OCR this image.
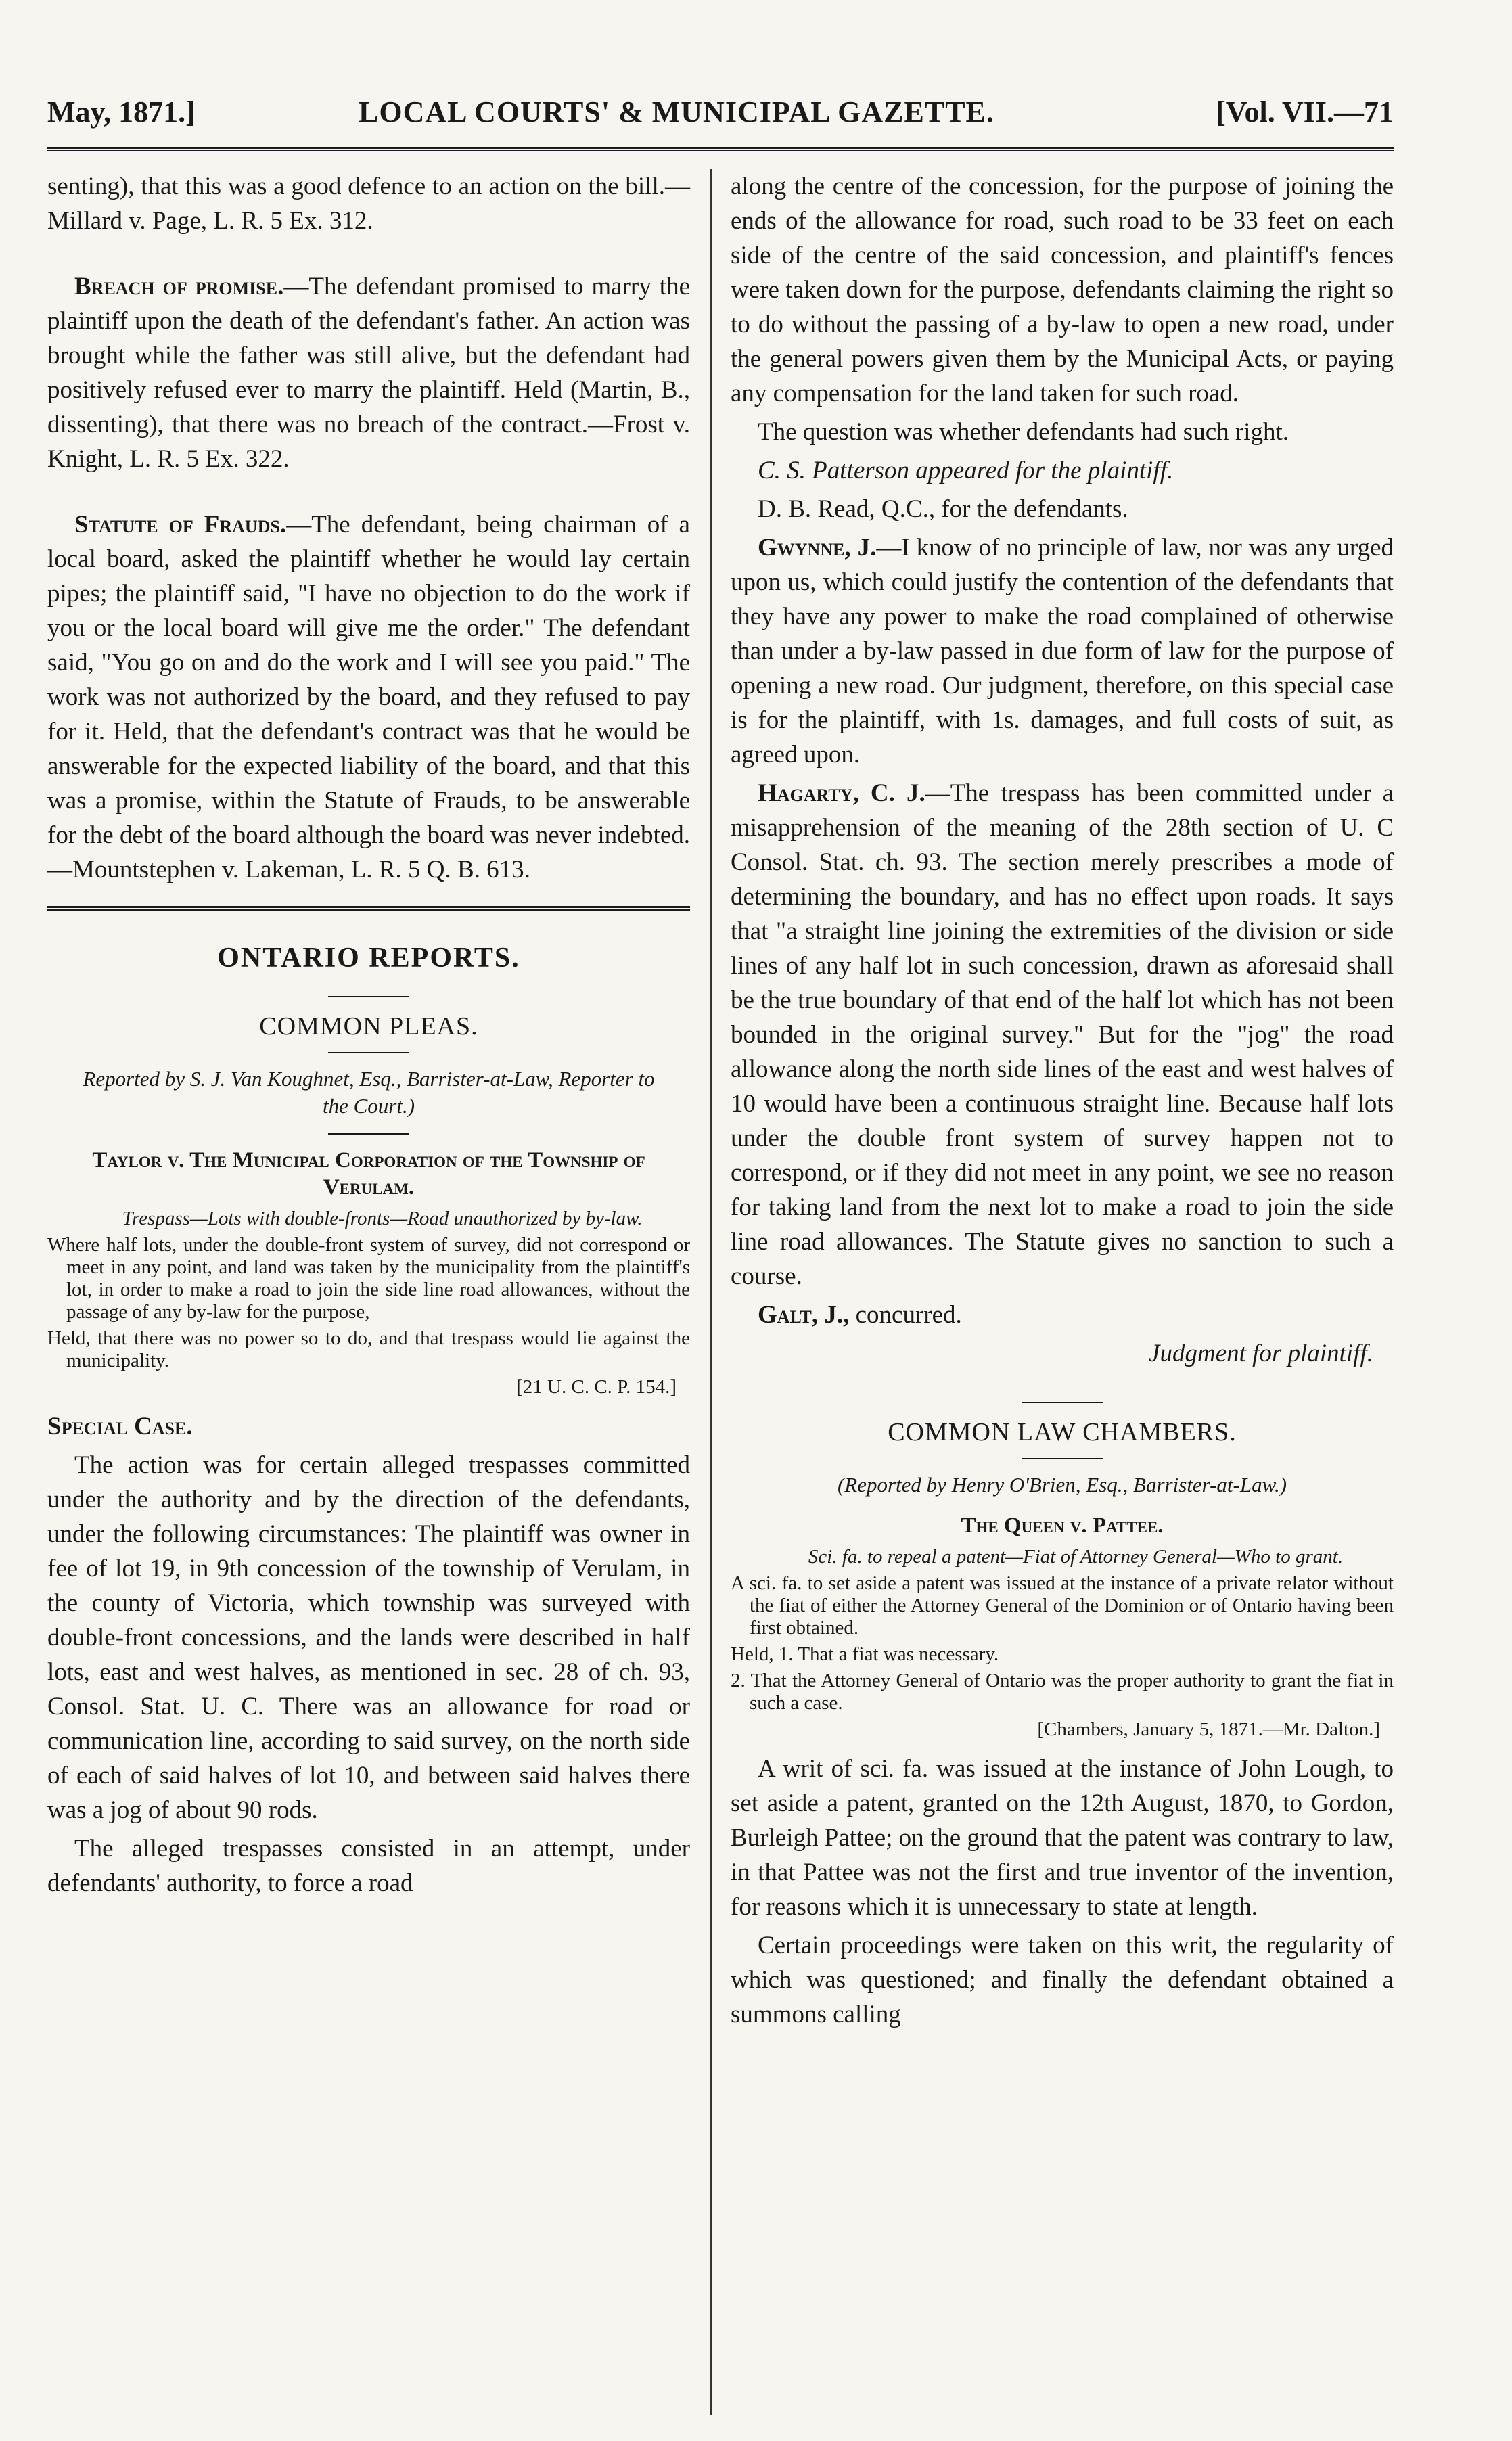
May, 1871.]	LOCAL COURTS' & MUNICIPAL GAZETTE.	[Vol. VII.—71

senting), that this was a good defence to an action on the bill.—Millard v. Page, L. R. 5 Ex. 312.

Breach of promise.—The defendant promised to marry the plaintiff upon the death of the defendant's father. An action was brought while the father was still alive, but the defendant had positively refused ever to marry the plaintiff. Held (Martin, B., dissenting), that there was no breach of the contract.—Frost v. Knight, L. R. 5 Ex. 322.

Statute of Frauds.—The defendant, being chairman of a local board, asked the plaintiff whether he would lay certain pipes; the plaintiff said, "I have no objection to do the work if you or the local board will give me the order." The defendant said, "You go on and do the work and I will see you paid." The work was not authorized by the board, and they refused to pay for it. Held, that the defendant's contract was that he would be answerable for the expected liability of the board, and that this was a promise, within the Statute of Frauds, to be answerable for the debt of the board although the board was never indebted.—Mountstephen v. Lakeman, L. R. 5 Q. B. 613.

ONTARIO REPORTS.
COMMON PLEAS.
Reported by S. J. Van Koughnet, Esq., Barrister-at-Law, Reporter to the Court.)
Taylor v. The Municipal Corporation of the Township of Verulam.

Trespass—Lots with double-fronts—Road unauthorized by by-law.

Where half lots, under the double-front system of survey, did not correspond or meet in any point, and land was taken by the municipality from the plaintiff's lot, in order to make a road to join the side line road allowances, without the passage of any by-law for the purpose,

Held, that there was no power so to do, and that trespass would lie against the municipality.

[21 U. C. C. P. 154.]

Special Case.

The action was for certain alleged trespasses committed under the authority and by the direction of the defendants, under the following circumstances: The plaintiff was owner in fee of lot 19, in 9th concession of the township of Verulam, in the county of Victoria, which township was surveyed with double-front concessions, and the lands were described in half lots, east and west halves, as mentioned in sec. 28 of ch. 93, Consol. Stat. U. C. There was an allowance for road or communication line, according to said survey, on the north side of each of said halves of lot 10, and between said halves there was a jog of about 90 rods.

The alleged trespasses consisted in an attempt, under defendants' authority, to force a road

along the centre of the concession, for the purpose of joining the ends of the allowance for road, such road to be 33 feet on each side of the centre of the said concession, and plaintiff's fences were taken down for the purpose, defendants claiming the right so to do without the passing of a by-law to open a new road, under the general powers given them by the Municipal Acts, or paying any compensation for the land taken for such road.

The question was whether defendants had such right.

C. S. Patterson appeared for the plaintiff.

D. B. Read, Q.C., for the defendants.

Gwynne, J.—I know of no principle of law, nor was any urged upon us, which could justify the contention of the defendants that they have any power to make the road complained of otherwise than under a by-law passed in due form of law for the purpose of opening a new road. Our judgment, therefore, on this special case is for the plaintiff, with 1s. damages, and full costs of suit, as agreed upon.

Hagarty, C. J.—The trespass has been committed under a misapprehension of the meaning of the 28th section of U. C Consol. Stat. ch. 93. The section merely prescribes a mode of determining the boundary, and has no effect upon roads. It says that "a straight line joining the extremities of the division or side lines of any half lot in such concession, drawn as aforesaid shall be the true boundary of that end of the half lot which has not been bounded in the original survey." But for the "jog" the road allowance along the north side lines of the east and west halves of 10 would have been a continuous straight line. Because half lots under the double front system of survey happen not to correspond, or if they did not meet in any point, we see no reason for taking land from the next lot to make a road to join the side line road allowances. The Statute gives no sanction to such a course.

Galt, J., concurred.

Judgment for plaintiff.

COMMON LAW CHAMBERS.
(Reported by Henry O'Brien, Esq., Barrister-at-Law.)
The Queen v. Pattee.

Sci. fa. to repeal a patent—Fiat of Attorney General—Who to grant.

A sci. fa. to set aside a patent was issued at the instance of a private relator without the fiat of either the Attorney General of the Dominion or of Ontario having been first obtained.

Held, 1. That a fiat was necessary.

2. That the Attorney General of Ontario was the proper authority to grant the fiat in such a case.

[Chambers, January 5, 1871.—Mr. Dalton.]

A writ of sci. fa. was issued at the instance of John Lough, to set aside a patent, granted on the 12th August, 1870, to Gordon, Burleigh Pattee; on the ground that the patent was contrary to law, in that Pattee was not the first and true inventor of the invention, for reasons which it is unnecessary to state at length.

Certain proceedings were taken on this writ, the regularity of which was questioned; and finally the defendant obtained a summons calling
